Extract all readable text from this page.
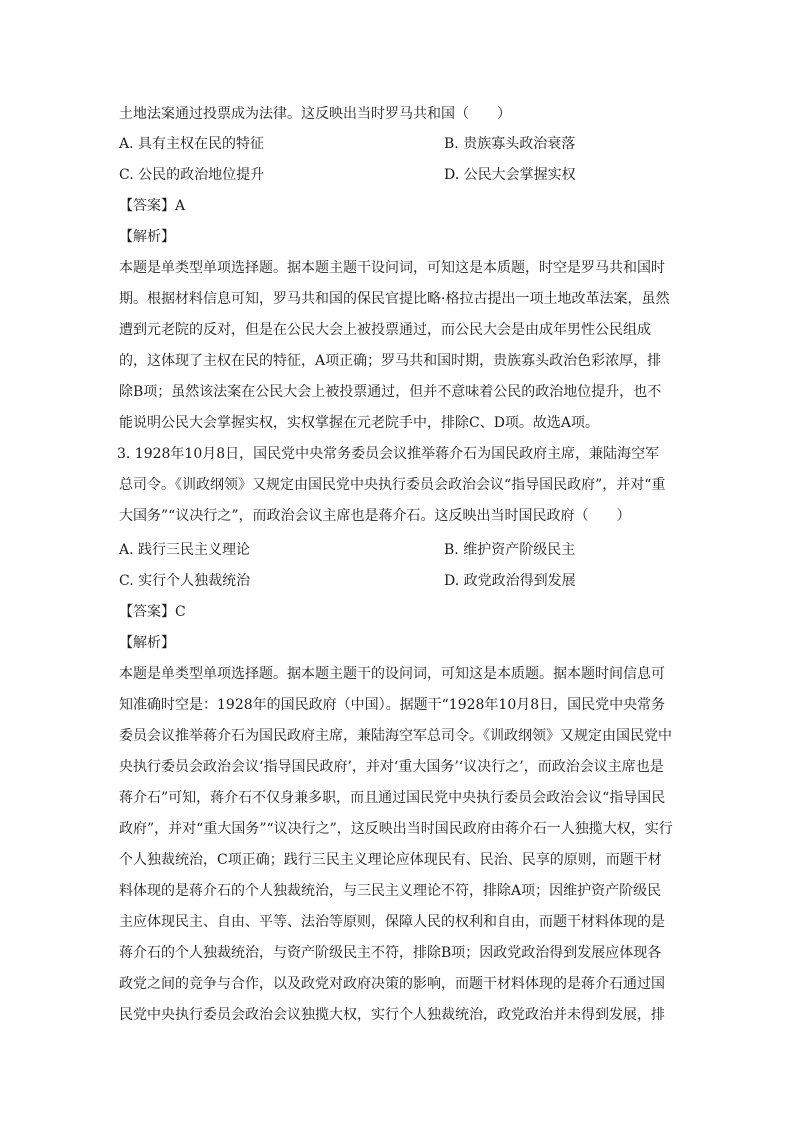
土地法案通过投票成为法律。这反映出当时罗马共和国（　　）
A. 具有主权在民的特征	B. 贵族寡头政治衰落
C. 公民的政治地位提升	D. 公民大会掌握实权
【答案】A
【解析】
本题是单类型单项选择题。据本题主题干设问词，可知这是本质题，时空是罗马共和国时
期。根据材料信息可知，罗马共和国的保民官提比略·格拉古提出一项土地改革法案，虽然
遭到元老院的反对，但是在公民大会上被投票通过，而公民大会是由成年男性公民组成
的，这体现了主权在民的特征，A项正确；罗马共和国时期，贵族寡头政治色彩浓厚，排
除B项；虽然该法案在公民大会上被投票通过，但并不意味着公民的政治地位提升，也不
能说明公民大会掌握实权，实权掌握在元老院手中，排除C、D项。故选A项。
3. 1928年10月8日，国民党中央常务委员会议推举蒋介石为国民政府主席，兼陆海空军
总司令。《训政纲领》又规定由国民党中央执行委员会政治会议“指导国民政府”，并对“重
大国务”“议决行之”，而政治会议主席也是蒋介石。这反映出当时国民政府（　　）
A. 践行三民主义理论	B. 维护资产阶级民主
C. 实行个人独裁统治	D. 政党政治得到发展
【答案】C
【解析】
本题是单类型单项选择题。据本题主题干的设问词，可知这是本质题。据本题时间信息可
知准确时空是：1928年的国民政府（中国）。据题干“1928年10月8日，国民党中央常务
委员会议推举蒋介石为国民政府主席，兼陆海空军总司令。《训政纲领》又规定由国民党中
央执行委员会政治会议‘指导国民政府’，并对‘重大国务’‘议决行之’，而政治会议主席也是
蒋介石”可知，蒋介石不仅身兼多职，而且通过国民党中央执行委员会政治会议“指导国民
政府”，并对“重大国务”“议决行之”，这反映出当时国民政府由蒋介石一人独揽大权，实行
个人独裁统治，C项正确；践行三民主义理论应体现民有、民治、民享的原则，而题干材
料体现的是蒋介石的个人独裁统治，与三民主义理论不符，排除A项；因维护资产阶级民
主应体现民主、自由、平等、法治等原则，保障人民的权利和自由，而题干材料体现的是
蒋介石的个人独裁统治，与资产阶级民主不符，排除B项；因政党政治得到发展应体现各
政党之间的竞争与合作，以及政党对政府决策的影响，而题干材料体现的是蒋介石通过国
民党中央执行委员会政治会议独揽大权，实行个人独裁统治，政党政治并未得到发展，排
